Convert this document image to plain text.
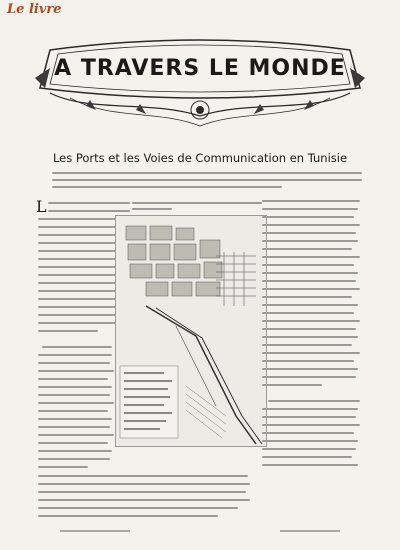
Le livre
A TRAVERS LE MONDE
Les Ports et les Voies de Communication en Tunisie
L
